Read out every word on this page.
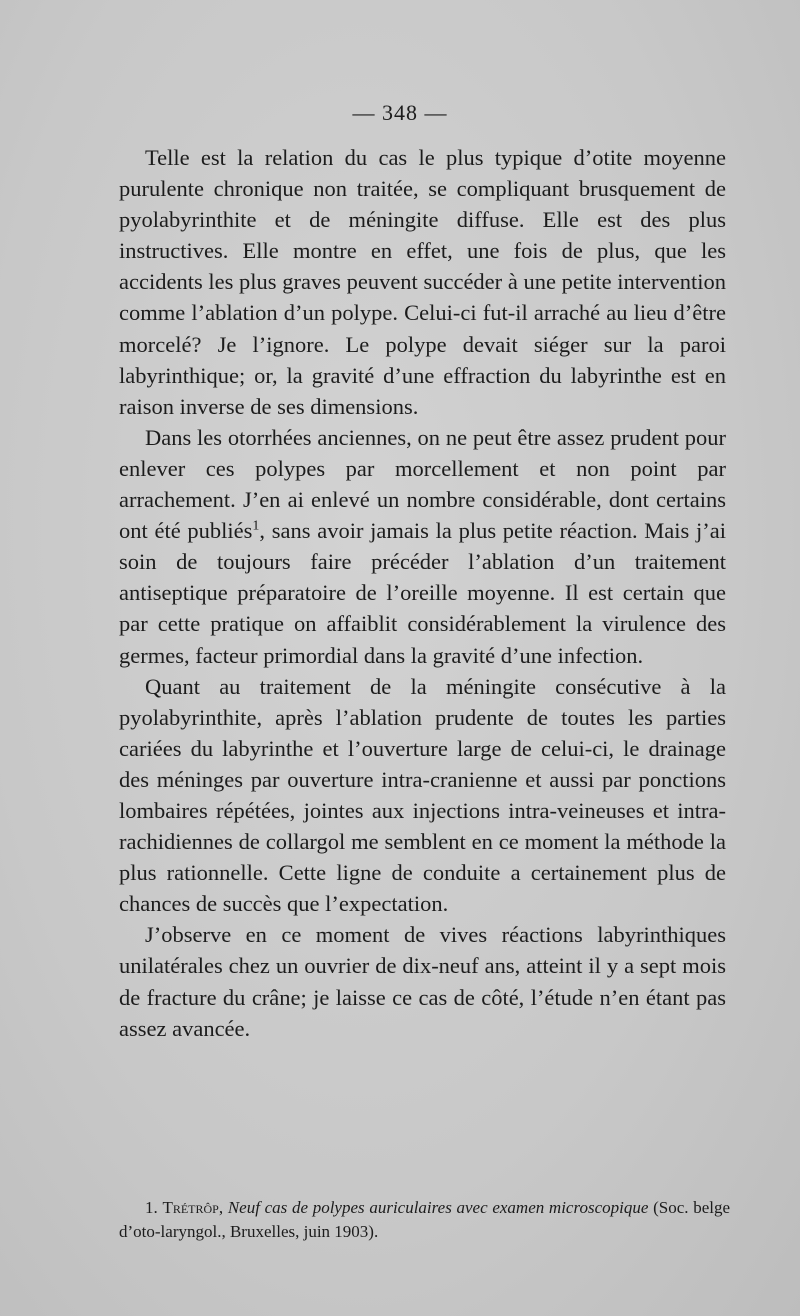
— 348 —

Telle est la relation du cas le plus typique d’otite moyenne purulente chronique non traitée, se compliquant brusquement de pyolabyrinthite et de méningite diffuse. Elle est des plus instructives. Elle montre en effet, une fois de plus, que les accidents les plus graves peuvent succéder à une petite intervention comme l’ablation d’un polype. Celui-ci fut-il arraché au lieu d’être morcelé? Je l’ignore. Le polype devait siéger sur la paroi labyrinthique; or, la gravité d’une effraction du labyrinthe est en raison inverse de ses dimensions.

Dans les otorrhées anciennes, on ne peut être assez prudent pour enlever ces polypes par morcellement et non point par arrachement. J’en ai enlevé un nombre considérable, dont certains ont été publiés$^1$, sans avoir jamais la plus petite réaction. Mais j’ai soin de toujours faire précéder l’ablation d’un traitement antiseptique préparatoire de l’oreille moyenne. Il est certain que par cette pratique on affaiblit considérablement la virulence des germes, facteur primordial dans la gravité d’une infection.

Quant au traitement de la méningite consécutive à la pyolabyrinthite, après l’ablation prudente de toutes les parties cariées du labyrinthe et l’ouverture large de celui-ci, le drainage des méninges par ouverture intra-cranienne et aussi par ponctions lombaires répétées, jointes aux injections intra-veineuses et intra-rachidiennes de collargol me semblent en ce moment la méthode la plus rationnelle. Cette ligne de conduite a certainement plus de chances de succès que l’expectation.

J’observe en ce moment de vives réactions labyrinthiques unilatérales chez un ouvrier de dix-neuf ans, atteint il y a sept mois de fracture du crâne; je laisse ce cas de côté, l’étude n’en étant pas assez avancée.

1. Trétrôp, Neuf cas de polypes auriculaires avec examen microscopique (Soc. belge d’oto-laryngol., Bruxelles, juin 1903).
